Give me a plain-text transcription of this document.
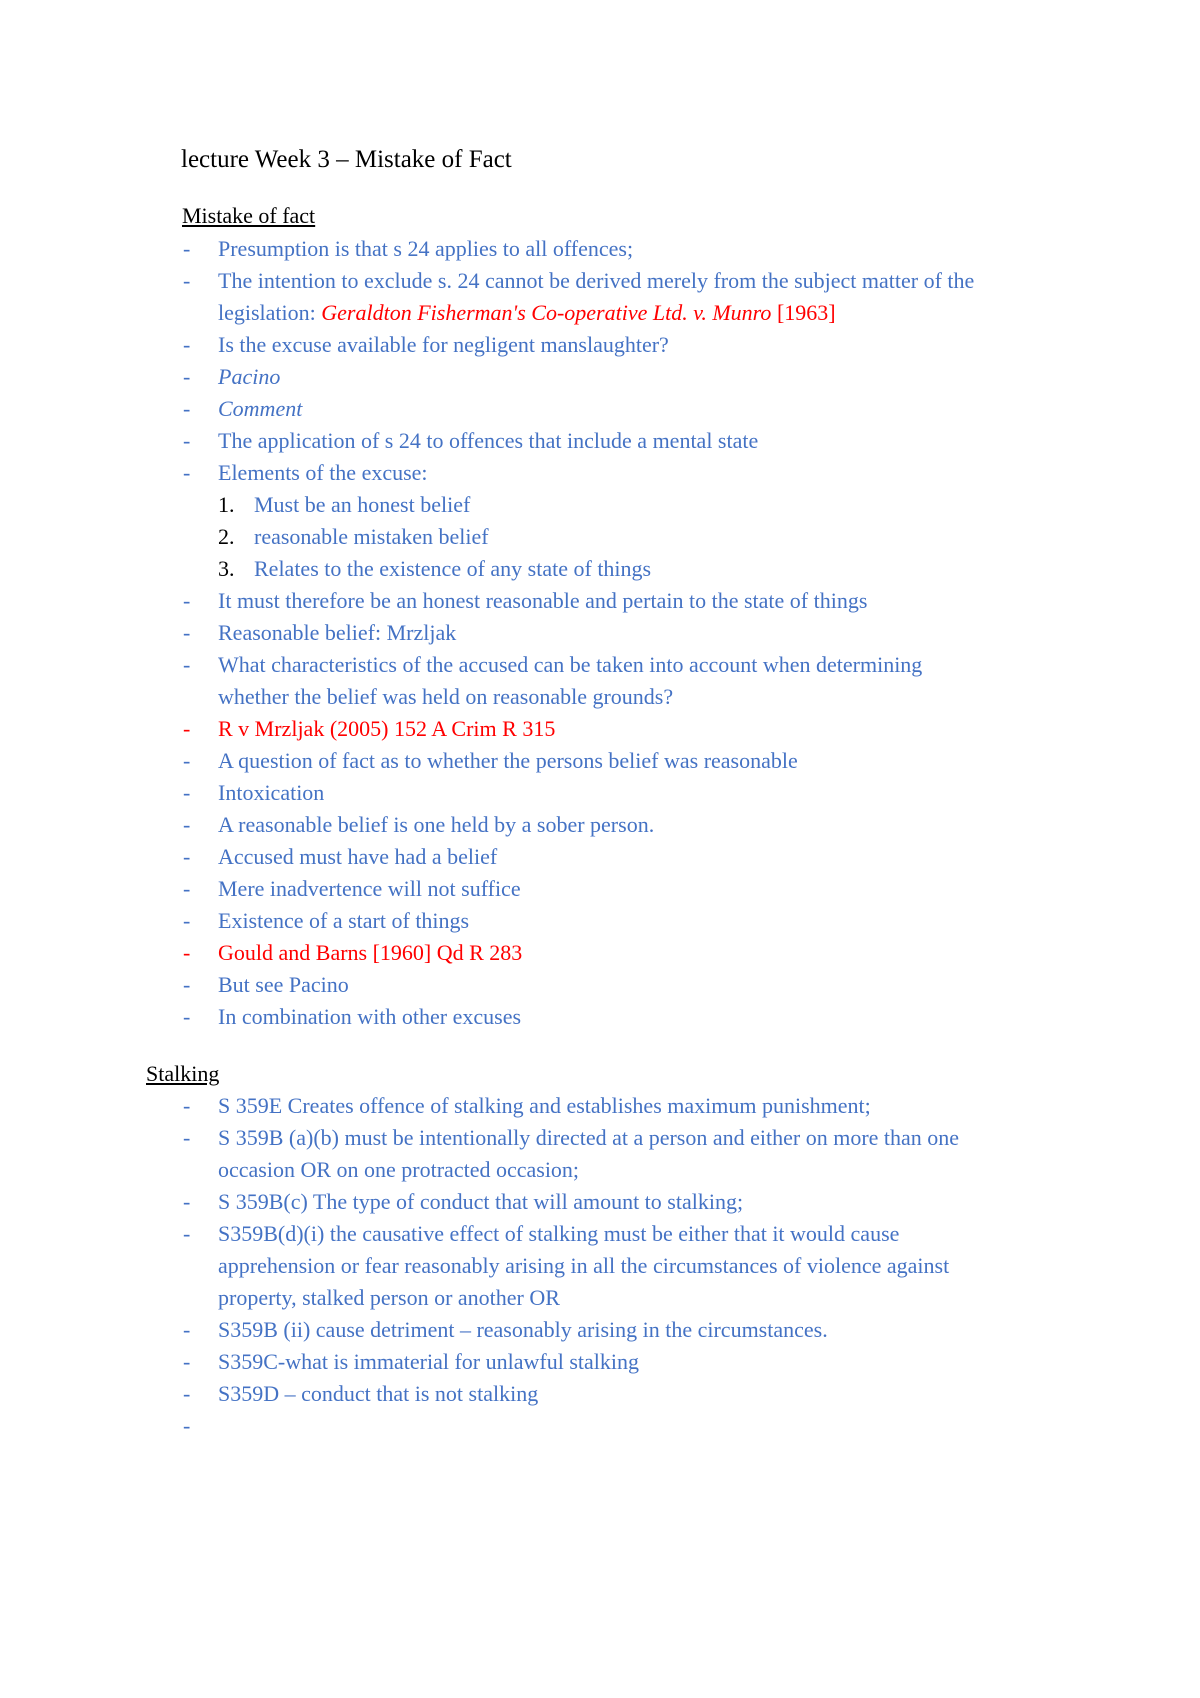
lecture Week 3 – Mistake of Fact
Mistake of fact
- Presumption is that s 24 applies to all offences;
- The intention to exclude s. 24 cannot be derived merely from the subject matter of the
legislation: Geraldton Fisherman's Co-operative Ltd. v. Munro [1963]
- Is the excuse available for negligent manslaughter?
- Pacino
- Comment
- The application of s 24 to offences that include a mental state
- Elements of the excuse:
1. Must be an honest belief
2. reasonable mistaken belief
3. Relates to the existence of any state of things
- It must therefore be an honest reasonable and pertain to the state of things
- Reasonable belief: Mrzljak
- What characteristics of the accused can be taken into account when determining
whether the belief was held on reasonable grounds?
- R v Mrzljak (2005) 152 A Crim R 315
- A question of fact as to whether the persons belief was reasonable
- Intoxication
- A reasonable belief is one held by a sober person.
- Accused must have had a belief
- Mere inadvertence will not suffice
- Existence of a start of things
- Gould and Barns [1960] Qd R 283
- But see Pacino
- In combination with other excuses
Stalking
- S 359E Creates offence of stalking and establishes maximum punishment;
- S 359B (a)(b) must be intentionally directed at a person and either on more than one
occasion OR on one protracted occasion;
- S 359B(c) The type of conduct that will amount to stalking;
- S359B(d)(i) the causative effect of stalking must be either that it would cause
apprehension or fear reasonably arising in all the circumstances of violence against
property, stalked person or another OR
- S359B (ii) cause detriment – reasonably arising in the circumstances.
- S359C-what is immaterial for unlawful stalking
- S359D – conduct that is not stalking
-
